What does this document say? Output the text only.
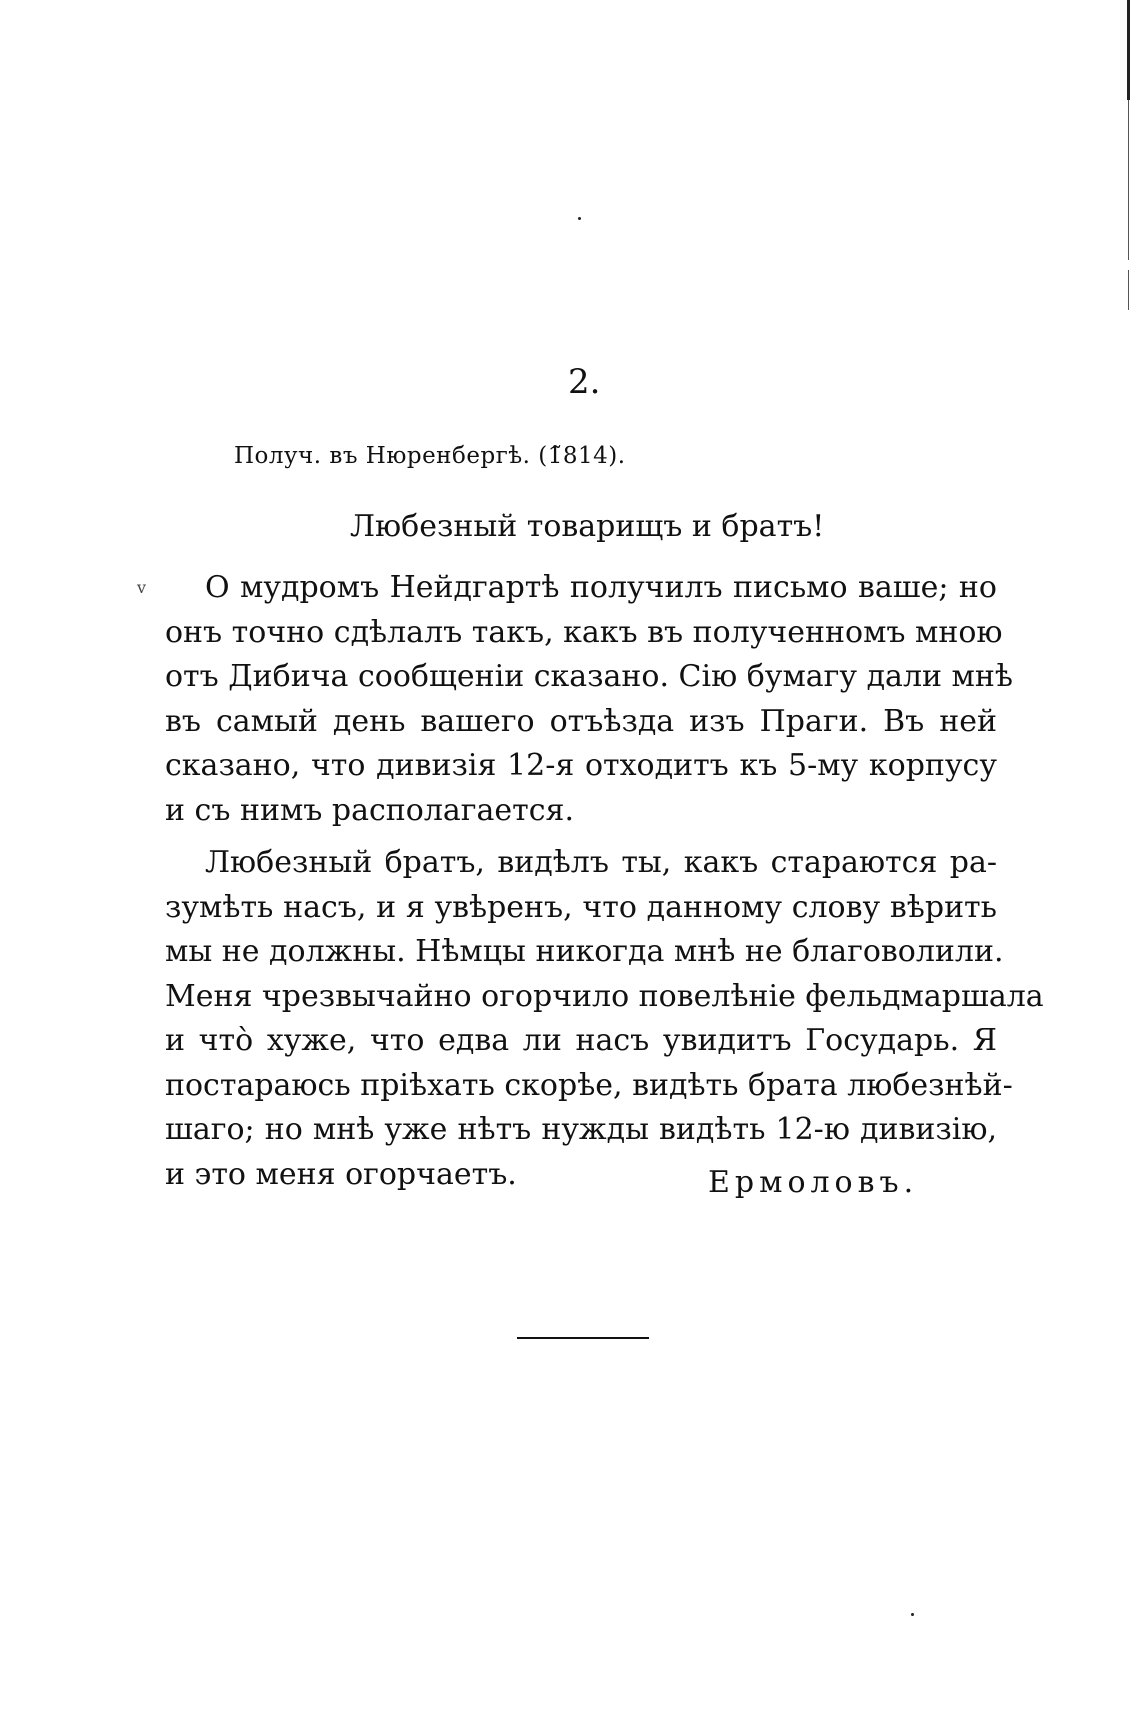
2.
Получ. въ Нюренбергѣ. (1̃814).
Любезный товарищъ и братъ!
v	О мудромъ Нейдгартѣ получилъ письмо ваше; но
онъ точно сдѣлалъ такъ, какъ въ полученномъ мною
отъ Дибича сообщеніи сказано. Сію бумагу дали мнѣ
въ самый день вашего отъѣзда изъ Праги. Въ ней
сказано, что дивизія 12-я отходитъ къ 5-му корпусу
и съ нимъ располагается.
Любезный братъ, видѣлъ ты, какъ стараются ра-
зумѣть насъ, и я увѣренъ, что данному слову вѣрить
мы не должны. Нѣмцы никогда мнѣ не благоволили.
Меня чрезвычайно огорчило повелѣніе фельдмаршала
и что̀ хуже, что едва ли насъ увидитъ Государь. Я
постараюсь пріѣхать скорѣе, видѣть брата любезнѣй-
шаго; но мнѣ уже нѣтъ нужды видѣть 12-ю дивизію,
и это меня огорчаетъ.	Ермоловъ.
